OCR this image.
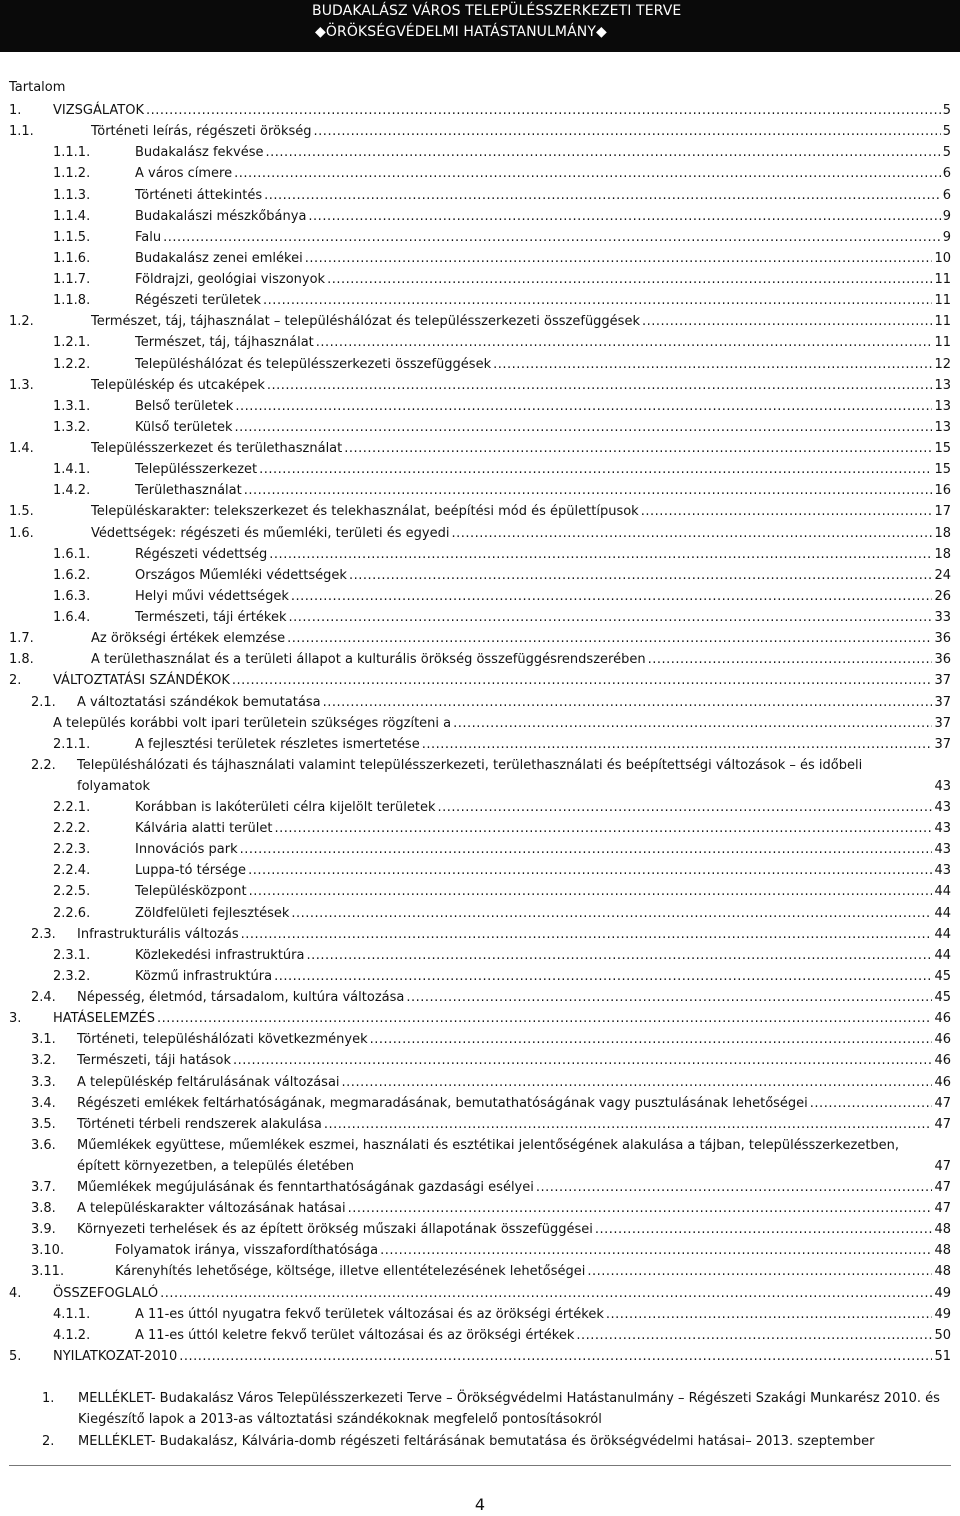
BUDAKALÁSZ VÁROS TELEPÜLÉSSZERKEZETI TERVE
◆ÖRÖKSÉGVÉDELMI HATÁSTANULMÁNY◆
Tartalom
1. VIZSGÁLATOK .....	5
1.1.	Történeti leírás, régészeti örökség .....	5
1.1.1.	Budakalász fekvése .....	5
1.1.2.	A város címere .....	6
1.1.3.	Történeti áttekintés .....	6
1.1.4.	Budakalászi mészkőbánya .....	9
1.1.5.	Falu .....	9
1.1.6.	Budakalász zenei emlékei .....	10
1.1.7.	Földrajzi, geológiai viszonyok .....	11
1.1.8.	Régészeti területek .....	11
1.2.	Természet, táj, tájhasználat – településhálózat és településszerkezeti összefüggések .....	11
1.2.1.	Természet, táj, tájhasználat .....	11
1.2.2.	Településhálózat és településszerkezeti összefüggések .....	12
1.3.	Településkép és utcaképek .....	13
1.3.1.	Belső területek .....	13
1.3.2.	Külső területek .....	13
1.4.	Településszerkezet és területhasználat .....	15
1.4.1.	Településszerkezet .....	15
1.4.2.	Területhasználat .....	16
1.5.	Településkarakter: telekszerkezet és telekhasználat, beépítési mód és épülettípusok .....	17
1.6.	Védettségek: régészeti és műemléki, területi és egyedi .....	18
1.6.1.	Régészeti védettség .....	18
1.6.2.	Országos Műemléki védettségek .....	24
1.6.3.	Helyi művi védettségek .....	26
1.6.4.	Természeti, táji értékek .....	33
1.7.	Az örökségi értékek elemzése .....	36
1.8.	A területhasználat és a területi állapot a kulturális örökség összefüggésrendszerében .....	36
2. VÁLTOZTATÁSI SZÁNDÉKOK .....	37
2.1. A változtatási szándékok bemutatása .....	37
A település korábbi volt ipari területein szükséges rögzíteni a .....	37
2.1.1.	A fejlesztési területek részletes ismertetése .....	37
2.2. Településhálózati és tájhasználati valamint településszerkezeti, területhasználati és beépítettségi változások – és időbeli folyamatok	43
2.2.1.	Korábban is lakóterületi célra kijelölt területek .....	43
2.2.2.	Kálvária alatti terület .....	43
2.2.3.	Innovációs park .....	43
2.2.4.	Luppa-tó térsége .....	43
2.2.5.	Településközpont .....	44
2.2.6.	Zöldfelületi fejlesztések .....	44
2.3. Infrastrukturális változás .....	44
2.3.1.	Közlekedési infrastruktúra .....	44
2.3.2.	Közmű infrastruktúra .....	45
2.4. Népesség, életmód, társadalom, kultúra változása .....	45
3. HATÁSELEMZÉS .....	46
3.1. Történeti, településhálózati következmények .....	46
3.2. Természeti, táji hatások .....	46
3.3. A településkép feltárulásának változásai .....	46
3.4. Régészeti emlékek feltárhatóságának, megmaradásának, bemutathatóságának vagy pusztulásának lehetőségei .....	47
3.5. Történeti térbeli rendszerek alakulása .....	47
3.6. Műemlékek együttese, műemlékek eszmei, használati és esztétikai jelentőségének alakulása a tájban, településszerkezetben, épített környezetben, a település életében	47
3.7. Műemlékek megújulásának és fenntarthatóságának gazdasági esélyei .....	47
3.8. A településkarakter változásának hatásai .....	47
3.9. Környezeti terhelések és az épített örökség műszaki állapotának összefüggései .....	48
3.10.	Folyamatok iránya, visszafordíthatósága .....	48
3.11.	Kárenyhítés lehetősége, költsége, illetve ellentételezésének lehetőségei .....	48
4. ÖSSZEFOGLALÓ .....	49
4.1.1.	A 11-es úttól nyugatra fekvő területek változásai és az örökségi értékek .....	49
4.1.2.	A 11-es úttól keletre fekvő terület változásai és az örökségi értékek .....	50
5. NYILATKOZAT-2010 .....	51
1. MELLÉKLET- Budakalász Város Településszerkezeti Terve – Örökségvédelmi Hatástanulmány – Régészeti Szakági Munkarész 2010. és Kiegészítő lapok a 2013-as változtatási szándékoknak megfelelő pontosításokról
2. MELLÉKLET- Budakalász, Kálvária-domb régészeti feltárásának bemutatása és örökségvédelmi hatásai– 2013. szeptember
4
